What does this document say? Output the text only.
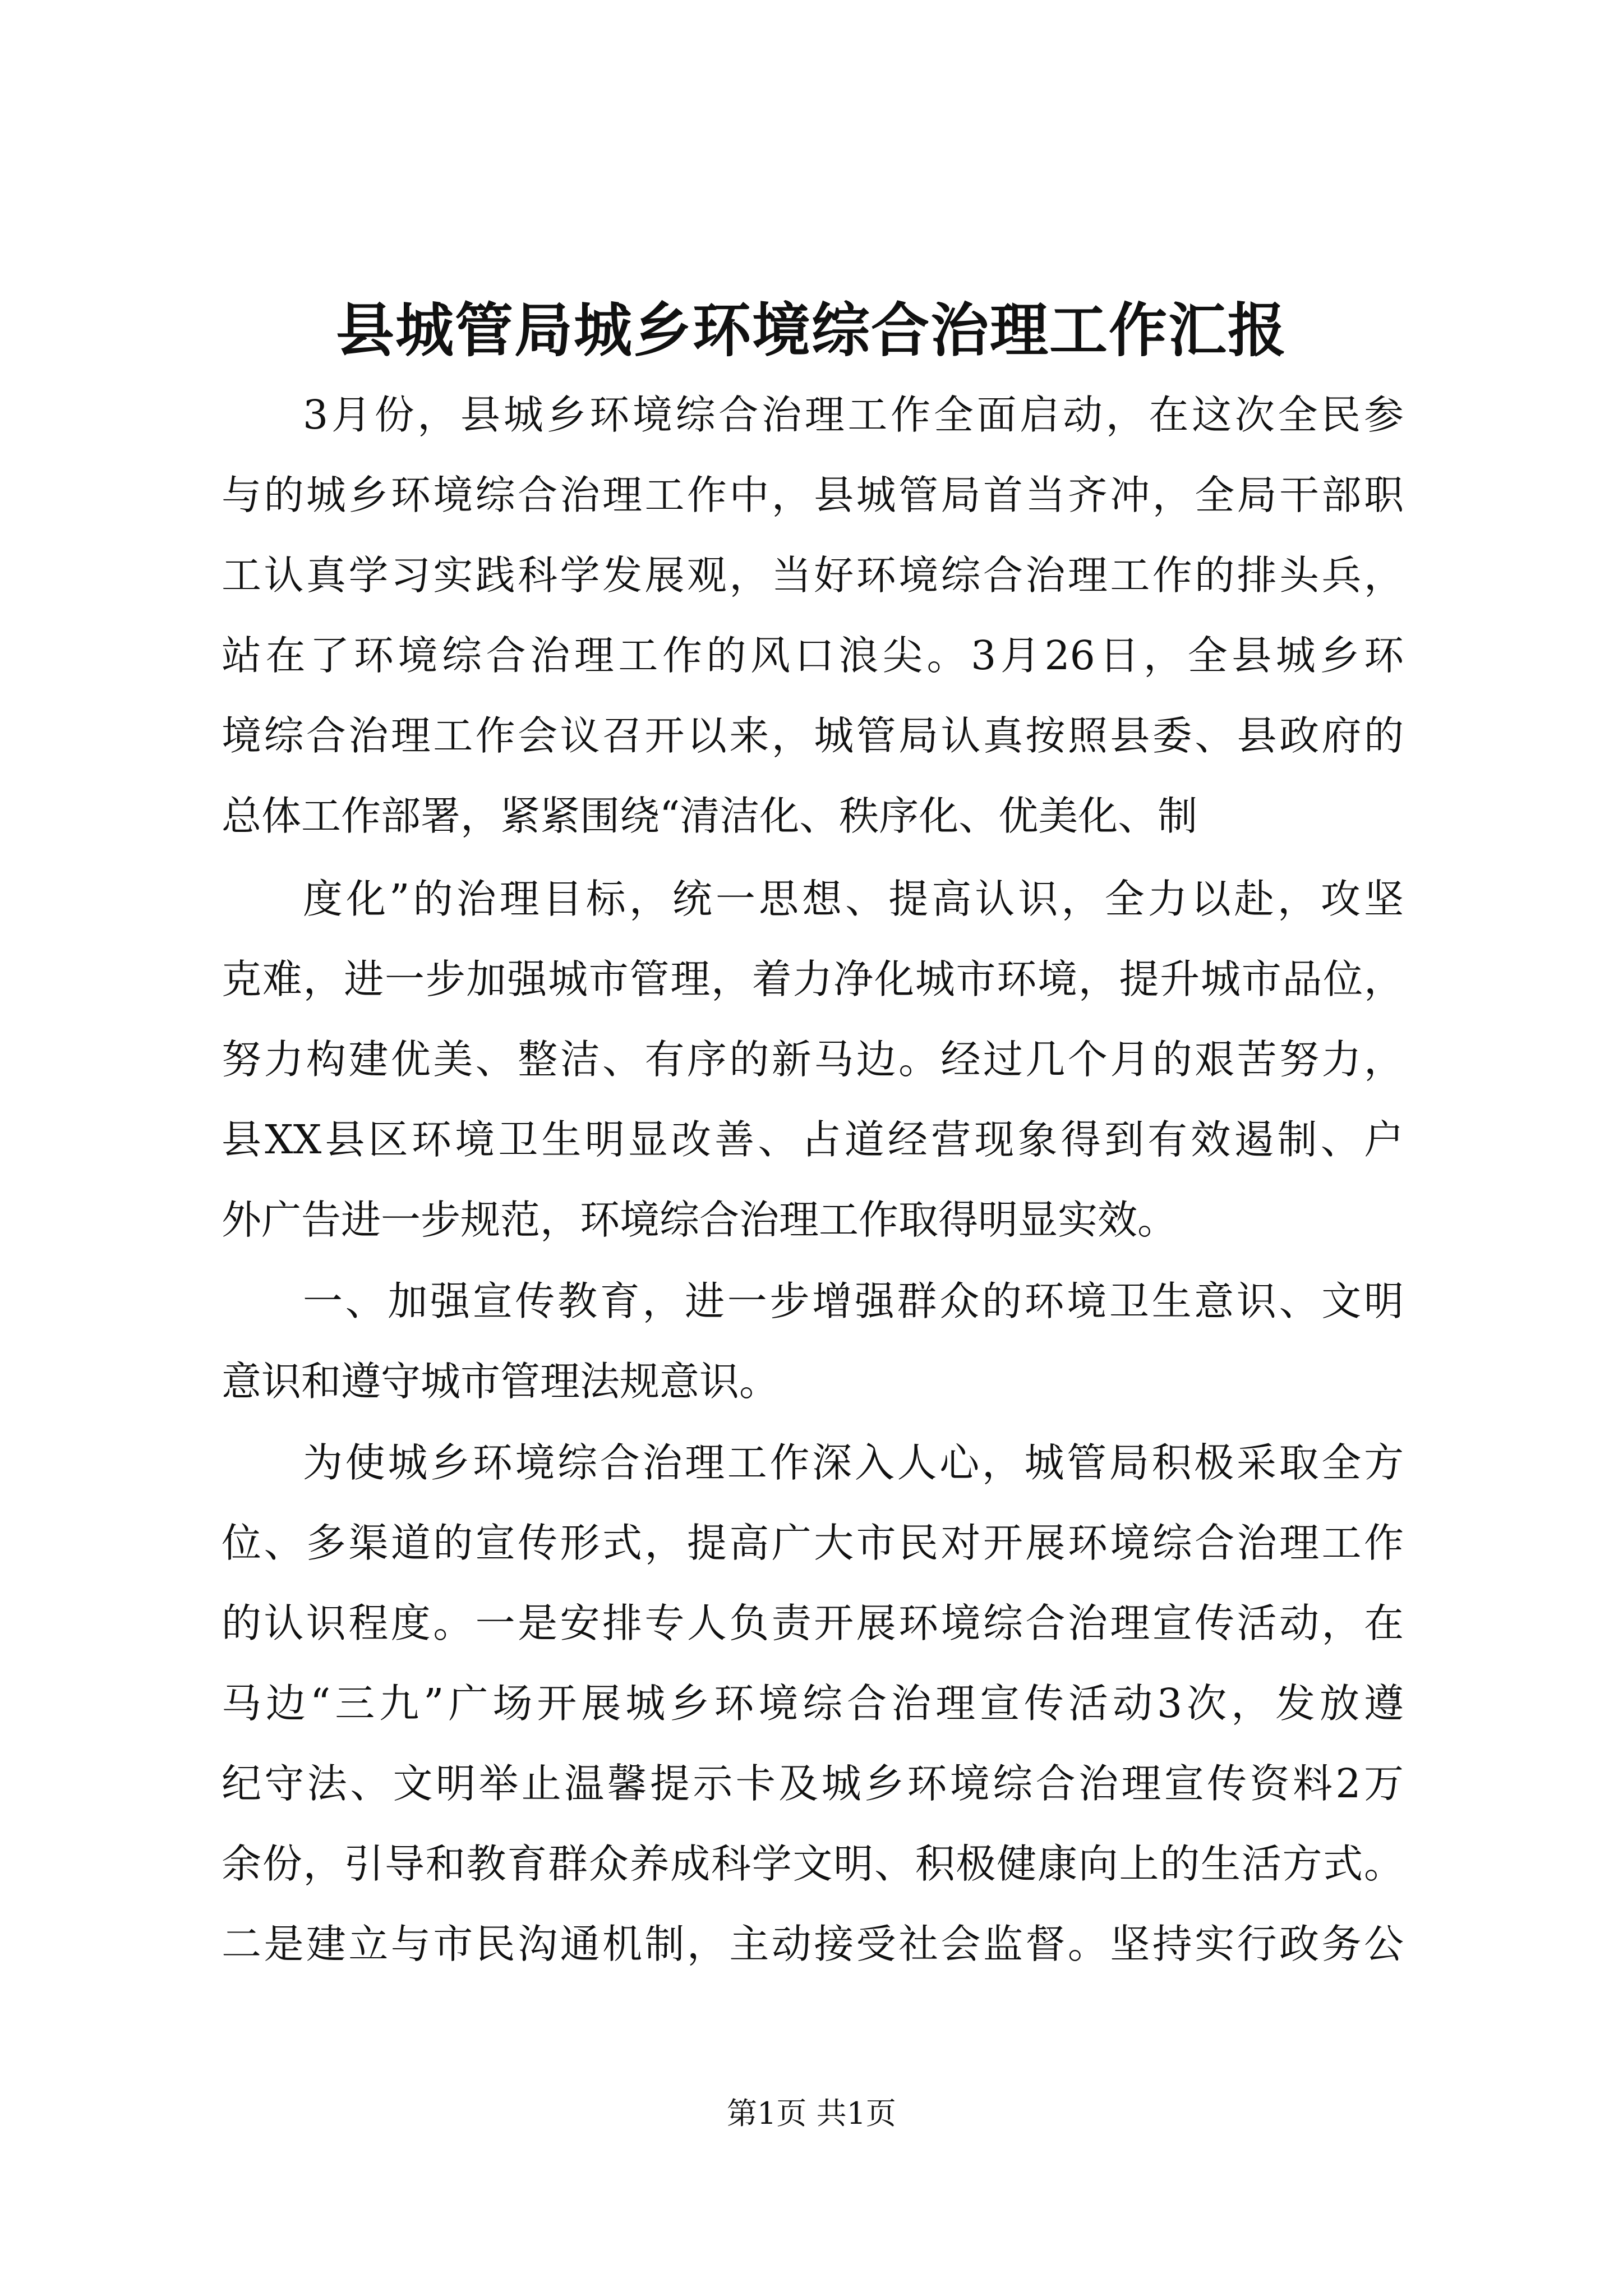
县城管局城乡环境综合治理工作汇报

3月份，县城乡环境综合治理工作全面启动，在这次全民参

与的城乡环境综合治理工作中，县城管局首当齐冲，全局干部职

工认真学习实践科学发展观，当好环境综合治理工作的排头兵，

站在了环境综合治理工作的风口浪尖。3月26日，全县城乡环

境综合治理工作会议召开以来，城管局认真按照县委、县政府的

总体工作部署，紧紧围绕“清洁化、秩序化、优美化、制

度化”的治理目标，统一思想、提高认识，全力以赴，攻坚

克难，进一步加强城市管理，着力净化城市环境，提升城市品位，

努力构建优美、整洁、有序的新马边。经过几个月的艰苦努力，

县XX县区环境卫生明显改善、占道经营现象得到有效遏制、户

外广告进一步规范，环境综合治理工作取得明显实效。

一、加强宣传教育，进一步增强群众的环境卫生意识、文明

意识和遵守城市管理法规意识。

为使城乡环境综合治理工作深入人心，城管局积极采取全方

位、多渠道的宣传形式，提高广大市民对开展环境综合治理工作

的认识程度。一是安排专人负责开展环境综合治理宣传活动，在

马边“三九”广场开展城乡环境综合治理宣传活动3次，发放遵

纪守法、文明举止温馨提示卡及城乡环境综合治理宣传资料2万

余份，引导和教育群众养成科学文明、积极健康向上的生活方式。

二是建立与市民沟通机制，主动接受社会监督。坚持实行政务公

第1页 共1页
